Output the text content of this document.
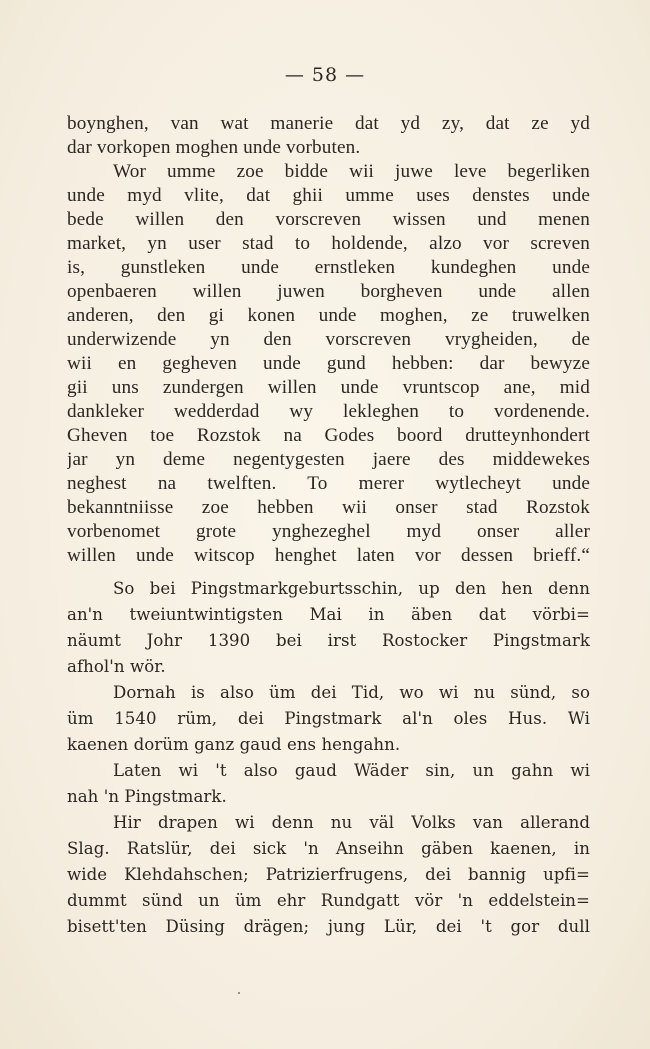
— 58 —
boynghen, van wat manerie dat yd zy, dat ze yd
dar vorkopen moghen unde vorbuten.
Wor umme zoe bidde wii juwe leve begerliken
unde myd vlite, dat ghii umme uses denstes unde
bede willen den vorscreven wissen und menen
market, yn user stad to holdende, alzo vor screven
is, gunstleken unde ernstleken kundeghen unde
openbaeren willen juwen borgheven unde allen
anderen, den gi konen unde moghen, ze truwelken
underwizende yn den vorscreven vrygheiden, de
wii en gegheven unde gund hebben: dar bewyze
gii uns zundergen willen unde vruntscop ane, mid
dankleker wedderdad wy lekleghen to vordenende.
Gheven toe Rozstok na Godes boord drutteynhondert
jar yn deme negentygesten jaere des middewekes
neghest na twelften. To merer wytlecheyt unde
bekanntniisse zoe hebben wii onser stad Rozstok
vorbenomet grote ynghezeghel myd onser aller
willen unde witscop henghet laten vor dessen brieff.“
So bei Pingstmarkgeburtsschin, up den hen denn
an'n tweiuntwintigsten Mai in äben dat vörbi=
näumt Johr 1390 bei irst Rostocker Pingstmark
afhol'n wör.
Dornah is also üm dei Tid, wo wi nu sünd, so
üm 1540 rüm, dei Pingstmark al'n oles Hus. Wi
kaenen dorüm ganz gaud ens hengahn.
Laten wi 't also gaud Wäder sin, un gahn wi
nah 'n Pingstmark.
Hir drapen wi denn nu väl Volks van allerand
Slag. Ratslür, dei sick 'n Anseihn gäben kaenen, in
wide Klehdahschen; Patrizierfrugens, dei bannig upfi=
dummt sünd un üm ehr Rundgatt vör 'n eddelstein=
bisett'ten Düsing drägen; jung Lür, dei 't gor dull
